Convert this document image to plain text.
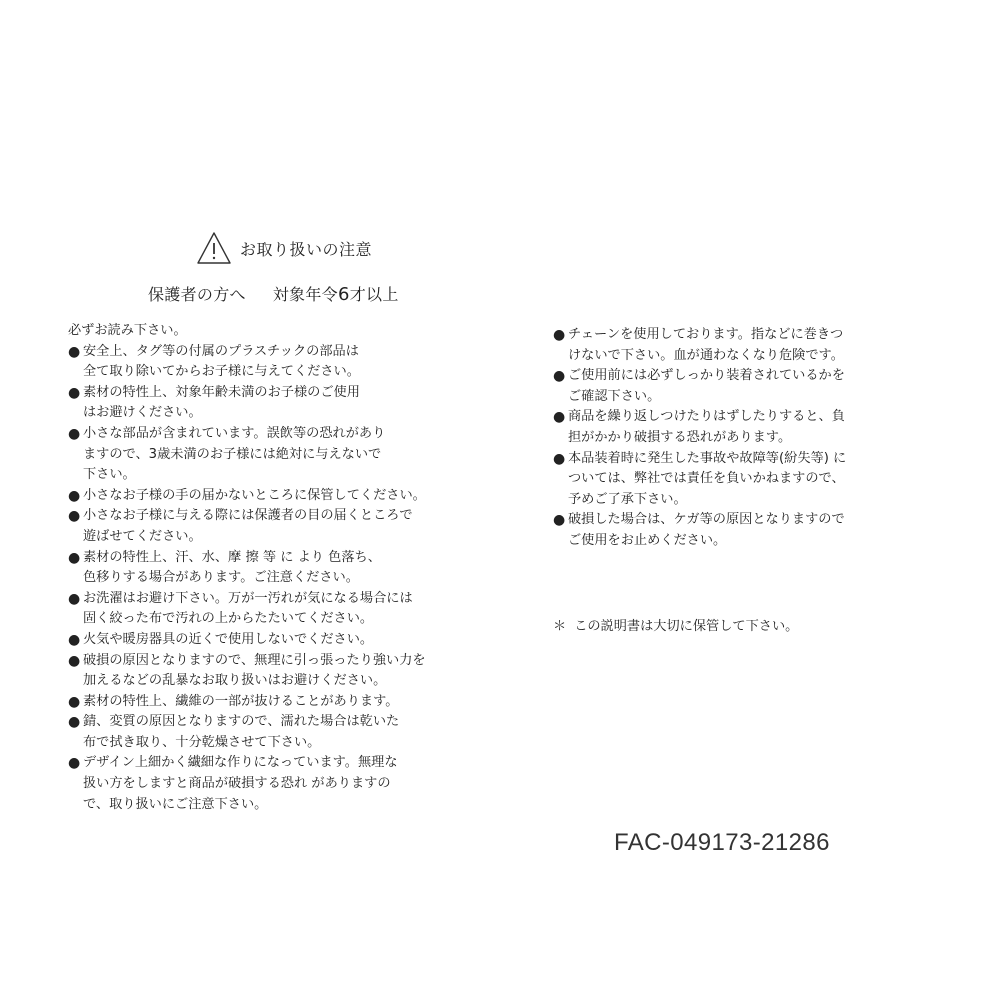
お取り扱いの注意
保護者の方へ 対象年令6才以上
必ずお読み下さい。
● 安全上、タグ等の付属のプラスチックの部品は
全て取り除いてからお子様に与えてください。
● 素材の特性上、対象年齢未満のお子様のご使用
はお避けください。
● 小さな部品が含まれています。誤飲等の恐れがあり
ますので、3歳未満のお子様には絶対に与えないで
下さい。
● 小さなお子様の手の届かないところに保管してください。
● 小さなお子様に与える際には保護者の目の届くところで
遊ばせてください。
● 素材の特性上、汗、水、摩 擦 等 に より 色落ち、
色移りする場合があります。ご注意ください。
● お洗濯はお避け下さい。万が一汚れが気になる場合には
固く絞った布で汚れの上からたたいてください。
● 火気や暖房器具の近くで使用しないでください。
● 破損の原因となりますので、無理に引っ張ったり強い力を
加えるなどの乱暴なお取り扱いはお避けください。
● 素材の特性上、繊維の一部が抜けることがあります。
● 錆、変質の原因となりますので、濡れた場合は乾いた
布で拭き取り、十分乾燥させて下さい。
● デザイン上細かく繊細な作りになっています。無理な
扱い方をしますと商品が破損する恐れ がありますの
で、取り扱いにご注意下さい。
● チェーンを使用しております。指などに巻きつ
けないで下さい。血が通わなくなり危険です。
● ご使用前には必ずしっかり装着されているかを
ご確認下さい。
● 商品を繰り返しつけたりはずしたりすると、負
担がかかり破損する恐れがあります。
● 本品装着時に発生した事故や故障等(紛失等) に
ついては、弊社では責任を負いかねますので、
予めご了承下さい。
● 破損した場合は、ケガ等の原因となりますので
ご使用をお止めください。
＊ この説明書は大切に保管して下さい。
FAC-049173-21286
